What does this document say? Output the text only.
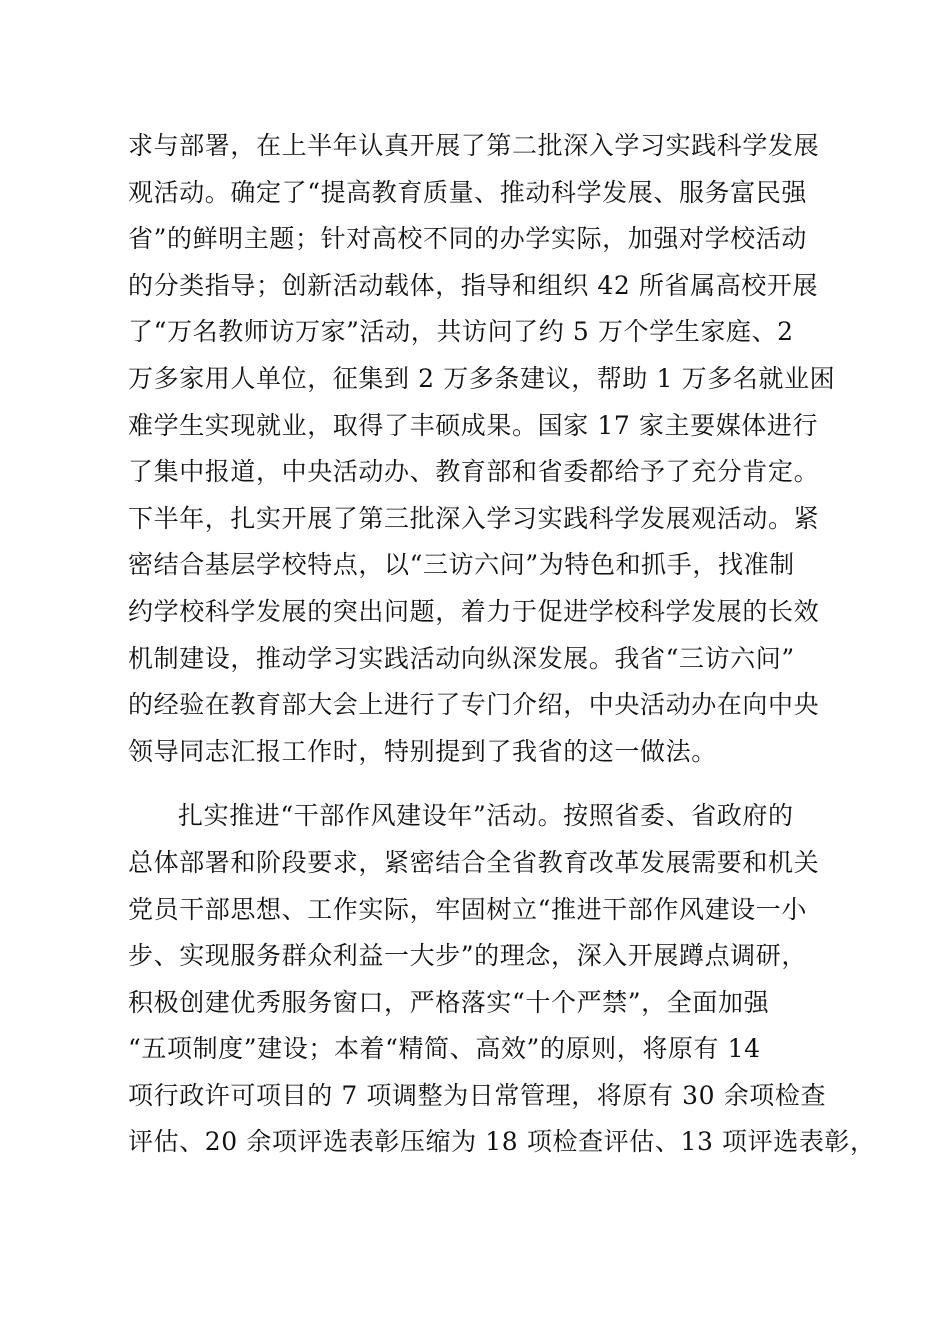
求与部署，在上半年认真开展了第二批深入学习实践科学发展
观活动。确定了“提高教育质量、推动科学发展、服务富民强
省”的鲜明主题；针对高校不同的办学实际，加强对学校活动
的分类指导；创新活动载体，指导和组织 42 所省属高校开展
了“万名教师访万家”活动，共访问了约 5 万个学生家庭、2
万多家用人单位，征集到 2 万多条建议，帮助 1 万多名就业困
难学生实现就业，取得了丰硕成果。国家 17 家主要媒体进行
了集中报道，中央活动办、教育部和省委都给予了充分肯定。
下半年，扎实开展了第三批深入学习实践科学发展观活动。紧
密结合基层学校特点，以“三访六问”为特色和抓手，找准制
约学校科学发展的突出问题，着力于促进学校科学发展的长效
机制建设，推动学习实践活动向纵深发展。我省“三访六问”
的经验在教育部大会上进行了专门介绍，中央活动办在向中央
领导同志汇报工作时，特别提到了我省的这一做法。
扎实推进“干部作风建设年”活动。按照省委、省政府的
总体部署和阶段要求，紧密结合全省教育改革发展需要和机关
党员干部思想、工作实际，牢固树立“推进干部作风建设一小
步、实现服务群众利益一大步”的理念，深入开展蹲点调研，
积极创建优秀服务窗口，严格落实“十个严禁”，全面加强
“五项制度”建设；本着“精简、高效”的原则，将原有 14
项行政许可项目的 7 项调整为日常管理，将原有 30 余项检查
评估、20 余项评选表彰压缩为 18 项检查评估、13 项评选表彰，
